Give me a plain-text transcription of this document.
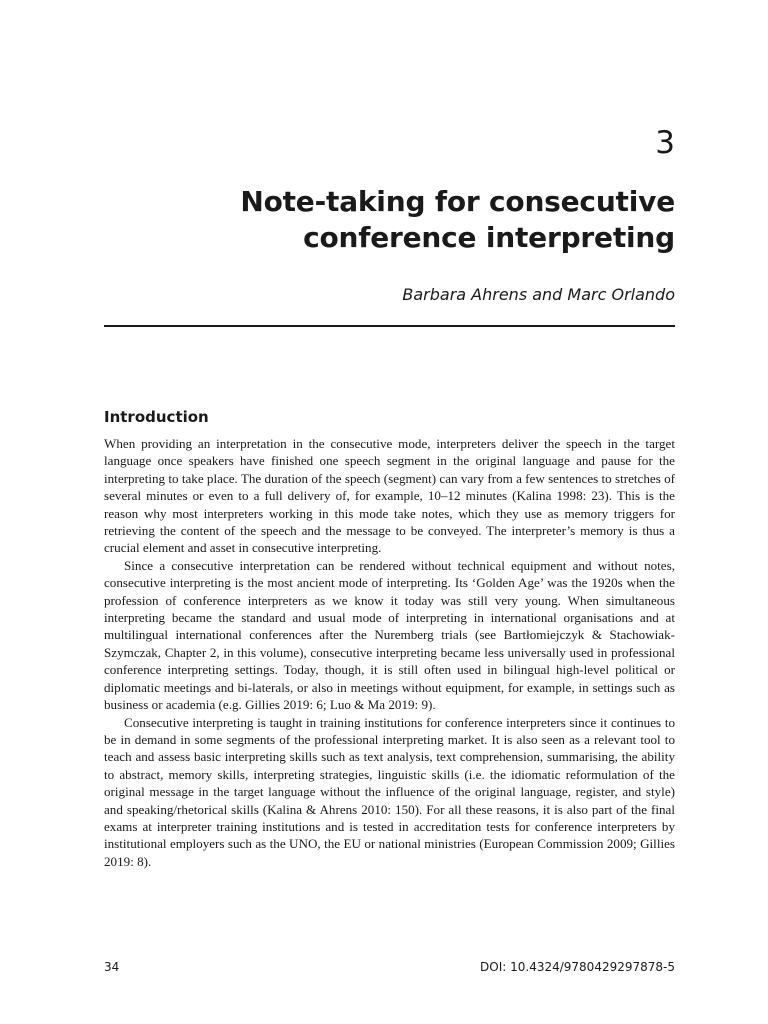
3
Note-taking for consecutive
conference interpreting
Barbara Ahrens and Marc Orlando
Introduction

When providing an interpretation in the consecutive mode, interpreters deliver the speech in the target language once speakers have finished one speech segment in the original language and pause for the interpreting to take place. The duration of the speech (segment) can vary from a few sentences to stretches of several minutes or even to a full delivery of, for example, 10–12 minutes (Kalina 1998: 23). This is the reason why most interpreters working in this mode take notes, which they use as memory triggers for retrieving the content of the speech and the message to be conveyed. The interpreter’s memory is thus a crucial element and asset in consecutive interpreting.

Since a consecutive interpretation can be rendered without technical equipment and without notes, consecutive interpreting is the most ancient mode of interpreting. Its ‘Golden Age’ was the 1920s when the profession of conference interpreters as we know it today was still very young. When simultaneous interpreting became the standard and usual mode of interpreting in international organisations and at multilingual international conferences after the Nuremberg trials (see Bartłomiejczyk & Stachowiak-Szymczak, Chapter 2, in this volume), consecutive interpreting became less universally used in professional conference interpreting settings. Today, though, it is still often used in bilingual high-level political or diplomatic meetings and bi-laterals, or also in meetings without equipment, for example, in settings such as business or academia (e.g. Gillies 2019: 6; Luo & Ma 2019: 9).

Consecutive interpreting is taught in training institutions for conference interpreters since it continues to be in demand in some segments of the professional interpreting market. It is also seen as a relevant tool to teach and assess basic interpreting skills such as text analysis, text comprehension, summarising, the ability to abstract, memory skills, interpreting strategies, linguistic skills (i.e. the idiomatic reformulation of the original message in the target language without the influence of the original language, register, and style) and speaking/rhetorical skills (Kalina & Ahrens 2010: 150). For all these reasons, it is also part of the final exams at interpreter training institutions and is tested in accreditation tests for conference interpreters by institutional employers such as the UNO, the EU or national ministries (European Commission 2009; Gillies 2019: 8).

34	DOI: 10.4324/9780429297878-5
